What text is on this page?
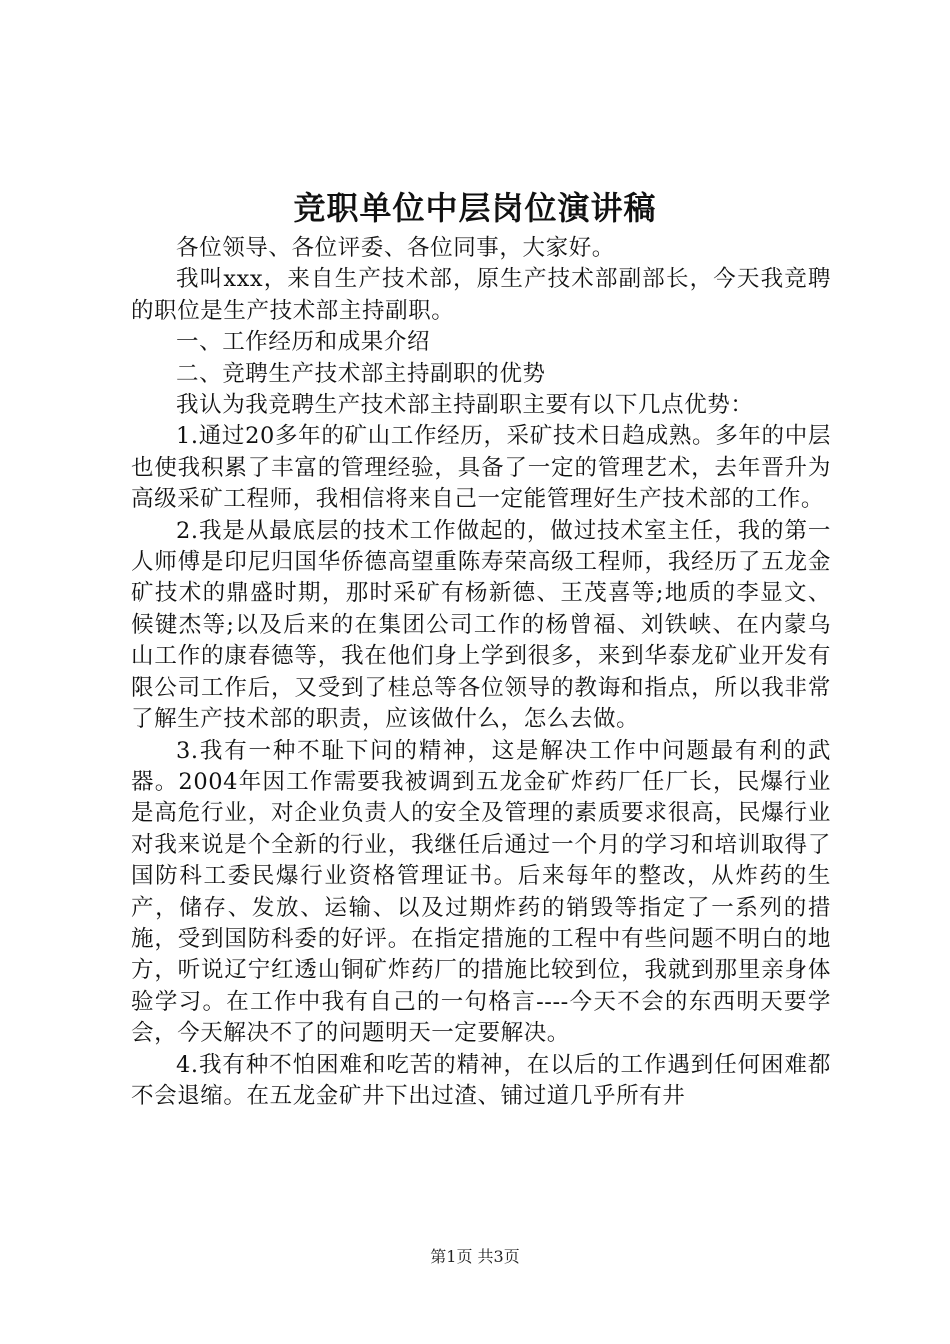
竞职单位中层岗位演讲稿

各位领导、各位评委、各位同事，大家好。

我叫xxx，来自生产技术部，原生产技术部副部长，今天我竞聘的职位是生产技术部主持副职。

一、工作经历和成果介绍

二、竞聘生产技术部主持副职的优势

我认为我竞聘生产技术部主持副职主要有以下几点优势：

1.通过20多年的矿山工作经历，采矿技术日趋成熟。多年的中层也使我积累了丰富的管理经验，具备了一定的管理艺术，去年晋升为高级采矿工程师，我相信将来自己一定能管理好生产技术部的工作。

2.我是从最底层的技术工作做起的，做过技术室主任，我的第一人师傅是印尼归国华侨德高望重陈寿荣高级工程师，我经历了五龙金矿技术的鼎盛时期，那时采矿有杨新德、王茂喜等;地质的李显文、候键杰等;以及后来的在集团公司工作的杨曾福、刘铁峡、在内蒙乌山工作的康春德等，我在他们身上学到很多，来到华泰龙矿业开发有限公司工作后，又受到了桂总等各位领导的教诲和指点，所以我非常了解生产技术部的职责，应该做什么，怎么去做。

3.我有一种不耻下问的精神，这是解决工作中问题最有利的武器。2004年因工作需要我被调到五龙金矿炸药厂任厂长，民爆行业是高危行业，对企业负责人的安全及管理的素质要求很高，民爆行业对我来说是个全新的行业，我继任后通过一个月的学习和培训取得了国防科工委民爆行业资格管理证书。后来每年的整改，从炸药的生产，储存、发放、运输、以及过期炸药的销毁等指定了一系列的措施，受到国防科委的好评。在指定措施的工程中有些问题不明白的地方，听说辽宁红透山铜矿炸药厂的措施比较到位，我就到那里亲身体验学习。在工作中我有自己的一句格言----今天不会的东西明天要学会，今天解决不了的问题明天一定要解决。

4.我有种不怕困难和吃苦的精神，在以后的工作遇到任何困难都不会退缩。在五龙金矿井下出过渣、铺过道几乎所有井

第1页 共3页
